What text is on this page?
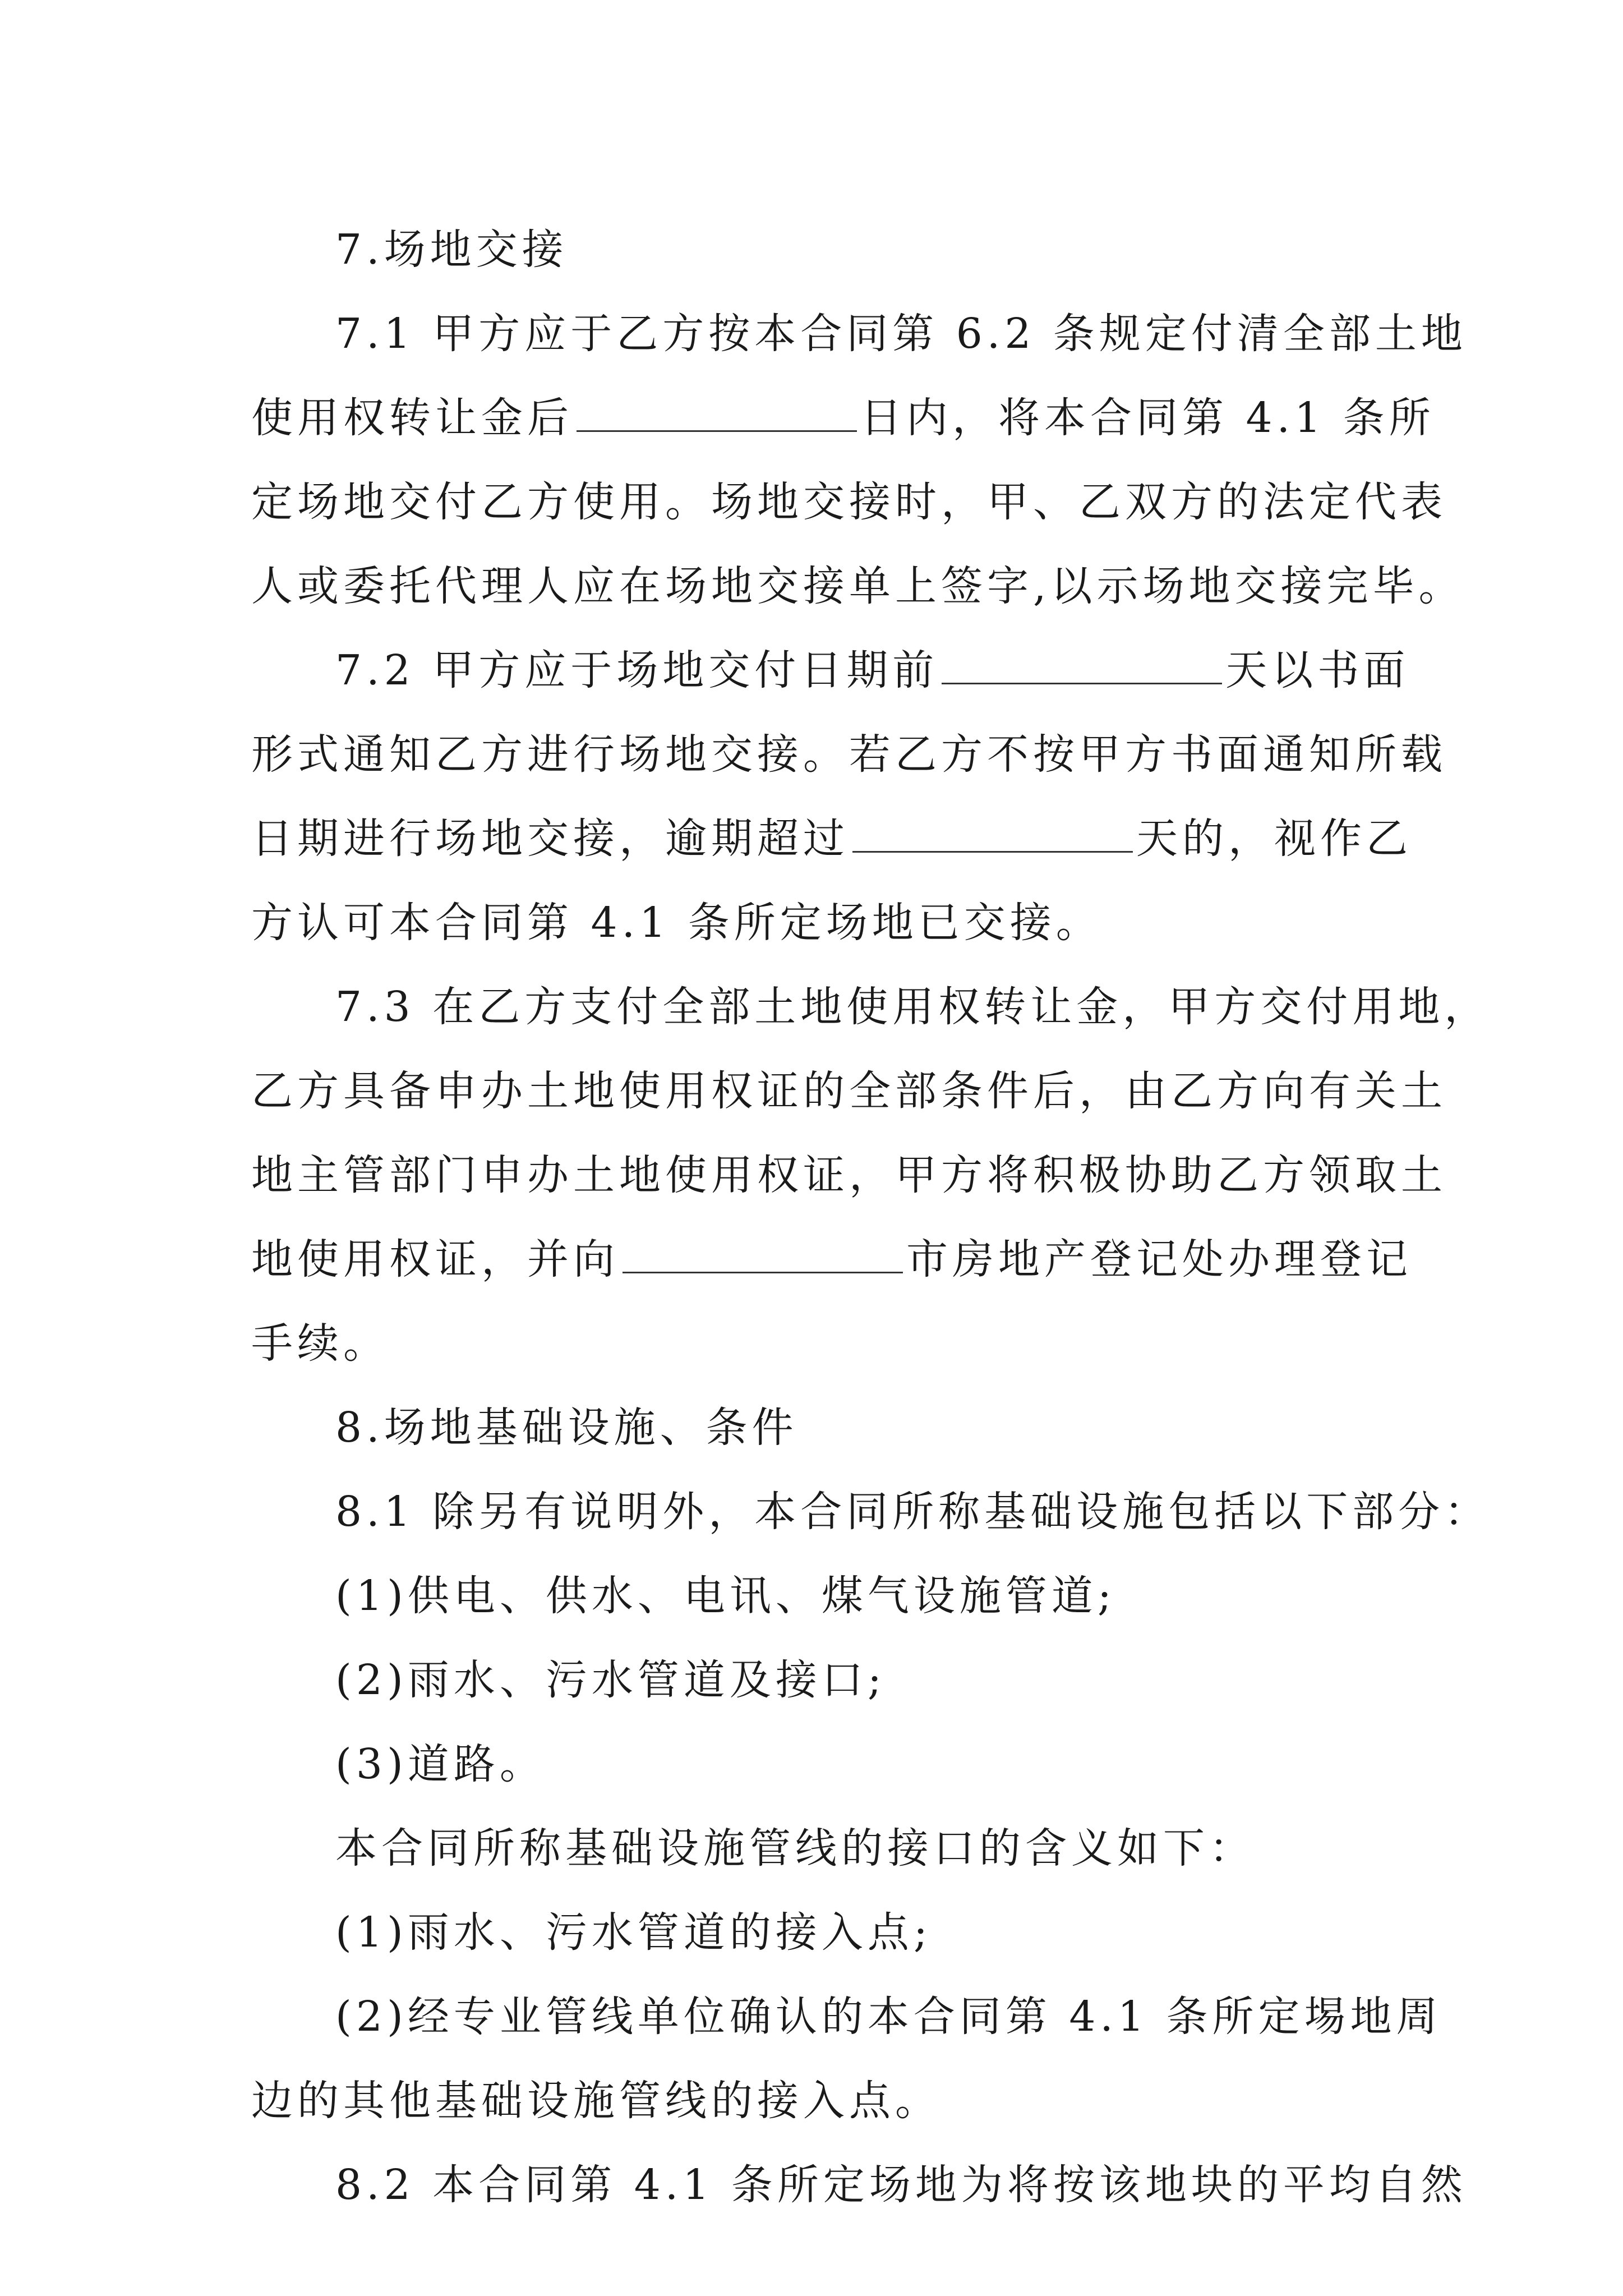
7.场地交接
7.1 甲方应于乙方按本合同第 6.2 条规定付清全部土地
使用权转让金后	日内，将本合同第 4.1 条所
定场地交付乙方使用。场地交接时，甲、乙双方的法定代表
人或委托代理人应在场地交接单上签字,以示场地交接完毕。
7.2 甲方应于场地交付日期前	天以书面
形式通知乙方进行场地交接。若乙方不按甲方书面通知所载
日期进行场地交接，逾期超过	天的，视作乙
方认可本合同第 4.1 条所定场地已交接。
7.3 在乙方支付全部土地使用权转让金，甲方交付用地，
乙方具备申办土地使用权证的全部条件后，由乙方向有关土
地主管部门申办土地使用权证，甲方将积极协助乙方领取土
地使用权证，并向	市房地产登记处办理登记
手续。
8.场地基础设施、条件
8.1 除另有说明外，本合同所称基础设施包括以下部分：
(1)供电、供水、电讯、煤气设施管道;
(2)雨水、污水管道及接口;
(3)道路。
本合同所称基础设施管线的接口的含义如下：
(1)雨水、污水管道的接入点;
(2)经专业管线单位确认的本合同第 4.1 条所定埸地周
边的其他基础设施管线的接入点。
8.2 本合同第 4.1 条所定场地为将按该地块的平均自然
